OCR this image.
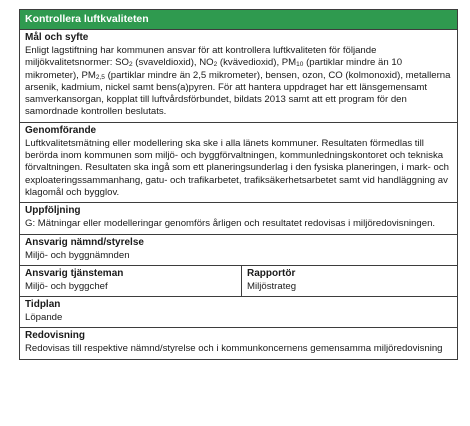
Kontrollera luftkvaliteten

Mål och syfte

Enligt lagstiftning har kommunen ansvar för att kontrollera luftkvaliteten för följande miljökvalitetsnormer: $SO_2$ (svaveldioxid), $NO_2$ (kvävedioxid), $PM_{10}$ (partiklar mindre än 10 mikrometer), $PM_{2,5}$ (partiklar mindre än 2,5 mikrometer), bensen, ozon, CO (kolmonoxid), metallerna arsenik, kadmium, nickel samt bens(a)pyren. För att hantera uppdraget har ett länsgemensamt samverkansorgan, kopplat till luftvårdsförbundet, bildats 2013 samt att ett program för den samordnade kontrollen beslutats.

Genomförande

Luftkvalitetsmätning eller modellering ska ske i alla länets kommuner. Resultaten förmedlas till berörda inom kommunen som miljö- och byggförvaltningen, kommunledningskontoret och tekniska förvaltningen. Resultaten ska ingå som ett planeringsunderlag i den fysiska planeringen, i mark- och exploateringssammanhang, gatu- och trafikarbetet, trafiksäkerhetsarbetet samt vid handläggning av klagomål och bygglov.

Uppföljning

G: Mätningar eller modelleringar genomförs årligen och resultatet redovisas i miljöredovisningen.

Ansvarig nämnd/styrelse

Miljö- och byggnämnden

Ansvarig tjänsteman

Miljö- och byggchef

Rapportör

Miljöstrateg

Tidplan

Löpande

Redovisning

Redovisas till respektive nämnd/styrelse och i kommunkoncernens gemensamma miljöredovisning
